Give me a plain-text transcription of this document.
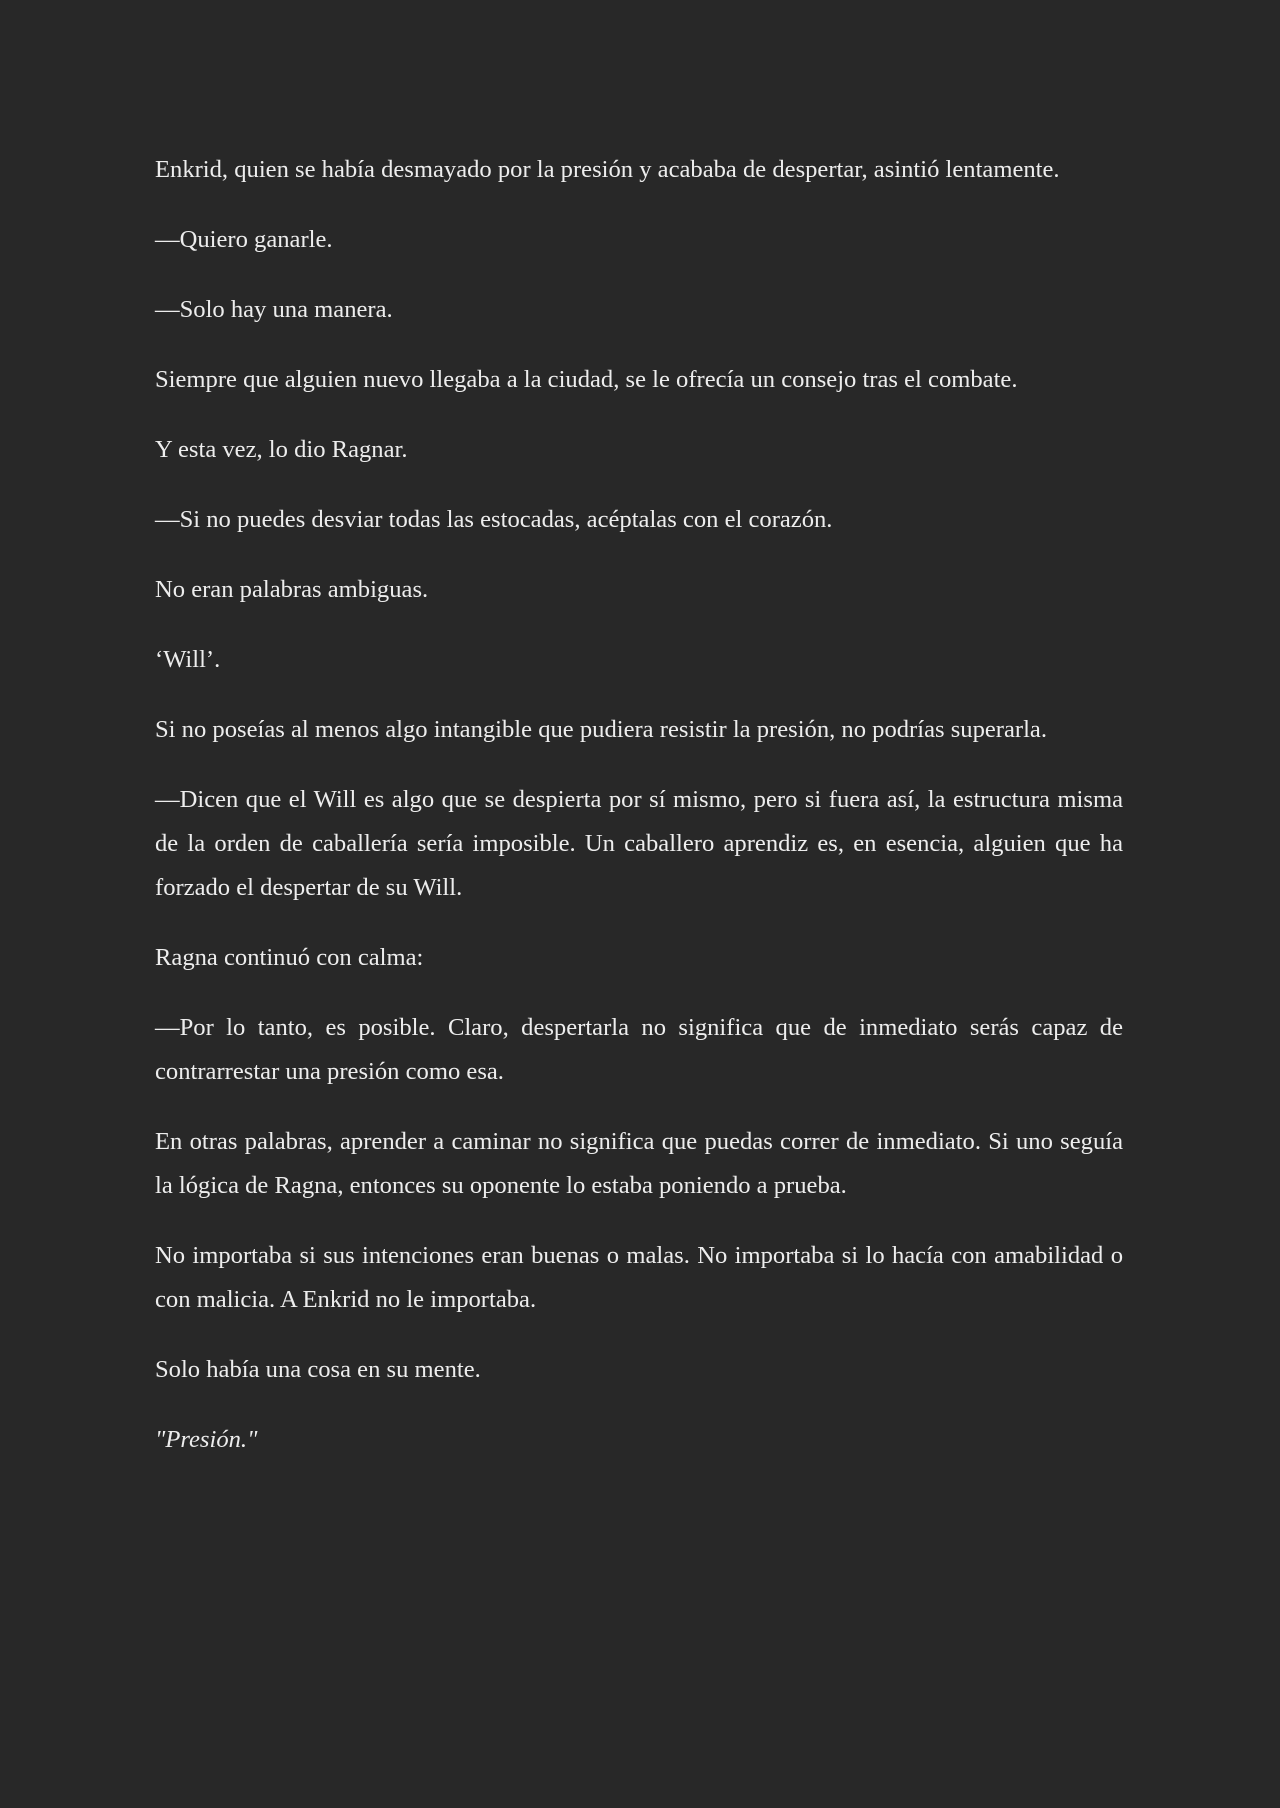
Enkrid, quien se había desmayado por la presión y acababa de despertar, asintió lentamente.

—Quiero ganarle.

—Solo hay una manera.

Siempre que alguien nuevo llegaba a la ciudad, se le ofrecía un consejo tras el combate.

Y esta vez, lo dio Ragnar.

—Si no puedes desviar todas las estocadas, acéptalas con el corazón.

No eran palabras ambiguas.

‘Will’.

Si no poseías al menos algo intangible que pudiera resistir la presión, no podrías superarla.

—Dicen que el Will es algo que se despierta por sí mismo, pero si fuera así, la estructura misma de la orden de caballería sería imposible. Un caballero aprendiz es, en esencia, alguien que ha forzado el despertar de su Will.

Ragna continuó con calma:

—Por lo tanto, es posible. Claro, despertarla no significa que de inmediato serás capaz de contrarrestar una presión como esa.

En otras palabras, aprender a caminar no significa que puedas correr de inmediato. Si uno seguía la lógica de Ragna, entonces su oponente lo estaba poniendo a prueba.

No importaba si sus intenciones eran buenas o malas. No importaba si lo hacía con amabilidad o con malicia. A Enkrid no le importaba.

Solo había una cosa en su mente.

"Presión."
